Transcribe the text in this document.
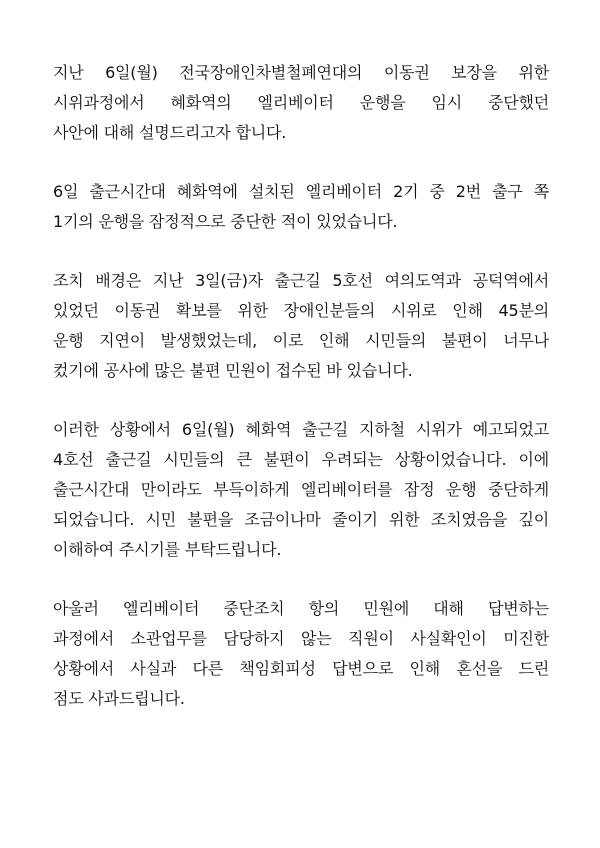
지난 6일(월) 전국장애인차별철폐연대의 이동권 보장을 위한
시위과정에서 혜화역의 엘리베이터 운행을 임시 중단했던
사안에 대해 설명드리고자 합니다.
6일 출근시간대 혜화역에 설치된 엘리베이터 2기 중 2번 출구 쪽
1기의 운행을 잠정적으로 중단한 적이 있었습니다.
조치 배경은 지난 3일(금)자 출근길 5호선 여의도역과 공덕역에서
있었던 이동권 확보를 위한 장애인분들의 시위로 인해 45분의
운행 지연이 발생했었는데, 이로 인해 시민들의 불편이 너무나
컸기에 공사에 많은 불편 민원이 접수된 바 있습니다.
이러한 상황에서 6일(월) 혜화역 출근길 지하철 시위가 예고되었고
4호선 출근길 시민들의 큰 불편이 우려되는 상황이었습니다. 이에
출근시간대 만이라도 부득이하게 엘리베이터를 잠정 운행 중단하게
되었습니다. 시민 불편을 조금이나마 줄이기 위한 조치였음을 깊이
이해하여 주시기를 부탁드립니다.
아울러 엘리베이터 중단조치 항의 민원에 대해 답변하는
과정에서 소관업무를 담당하지 않는 직원이 사실확인이 미진한
상황에서 사실과 다른 책임회피성 답변으로 인해 혼선을 드린
점도 사과드립니다.
